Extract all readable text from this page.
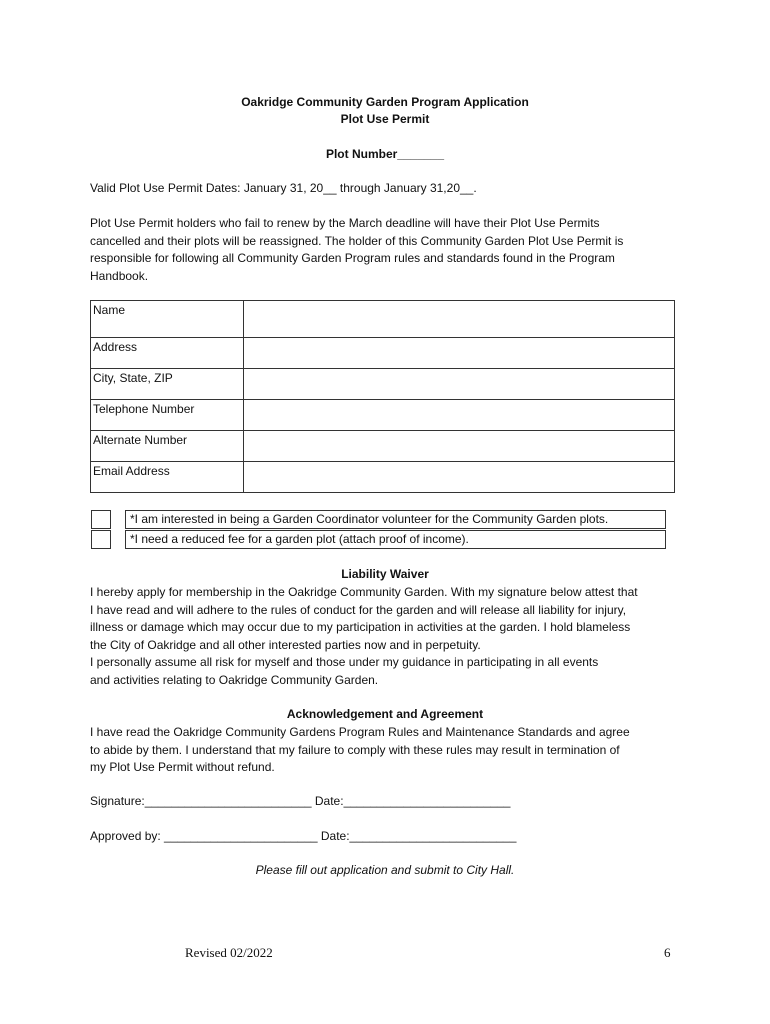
Oakridge Community Garden Program Application

Plot Use Permit

Plot Number_______

Valid Plot Use Permit Dates: January 31, 20__ through January 31,20__.

Plot Use Permit holders who fail to renew by the March deadline will have their Plot Use Permits

cancelled and their plots will be reassigned. The holder of this Community Garden Plot Use Permit is

responsible for following all Community Garden Program rules and standards found in the Program

Handbook.

Name	
Address	
City, State, ZIP	
Telephone Number	
Alternate Number	
Email Address	
*I am interested in being a Garden Coordinator volunteer for the Community Garden plots.
*I need a reduced fee for a garden plot (attach proof of income).

Liability Waiver

I hereby apply for membership in the Oakridge Community Garden. With my signature below attest that

I have read and will adhere to the rules of conduct for the garden and will release all liability for injury,

illness or damage which may occur due to my participation in activities at the garden. I hold blameless

the City of Oakridge and all other interested parties now and in perpetuity.

I personally assume all risk for myself and those under my guidance in participating in all events

and activities relating to Oakridge Community Garden.

Acknowledgement and Agreement

I have read the Oakridge Community Gardens Program Rules and Maintenance Standards and agree

to abide by them. I understand that my failure to comply with these rules may result in termination of

my Plot Use Permit without refund.

Signature:_________________________ Date:_________________________

Approved by: _______________________ Date:_________________________

Please fill out application and submit to City Hall.

Revised 02/2022	6
